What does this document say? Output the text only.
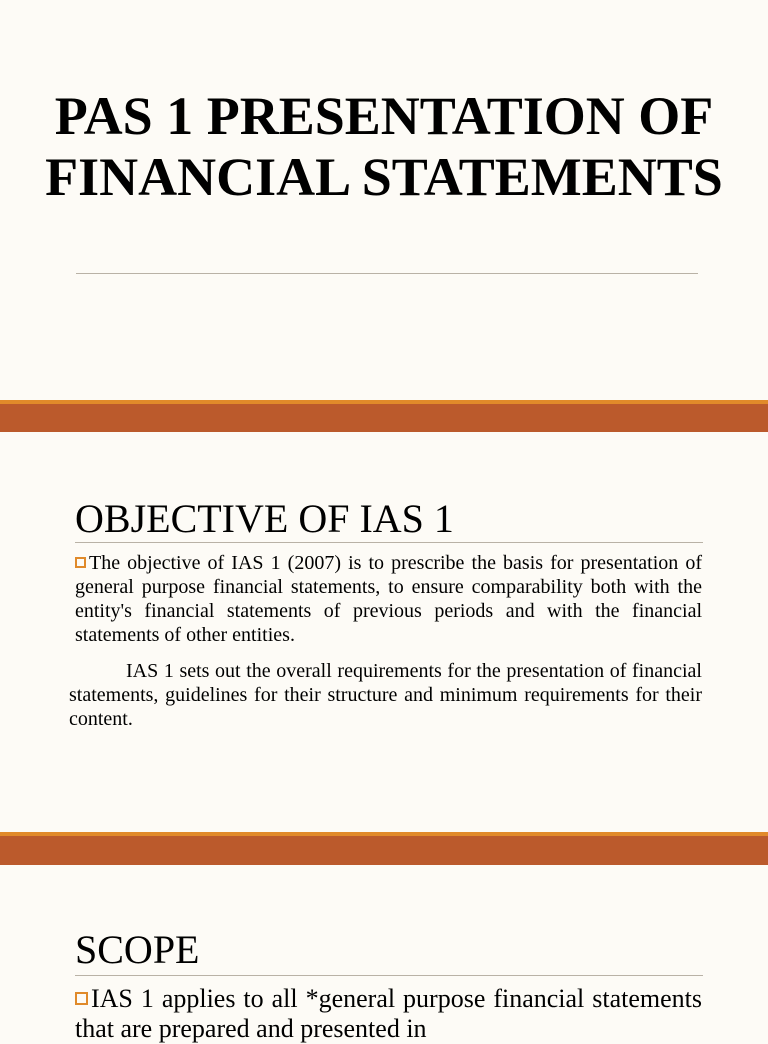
PAS 1 PRESENTATION OF FINANCIAL STATEMENTS
OBJECTIVE OF IAS 1
The objective of IAS 1 (2007) is to prescribe the basis for presentation of general purpose financial statements, to ensure comparability both with the entity's financial statements of previous periods and with the financial statements of other entities.
IAS 1 sets out the overall requirements for the presentation of financial statements, guidelines for their structure and minimum requirements for their content.
SCOPE
IAS 1 applies to all *general purpose financial statements that are prepared and presented in
